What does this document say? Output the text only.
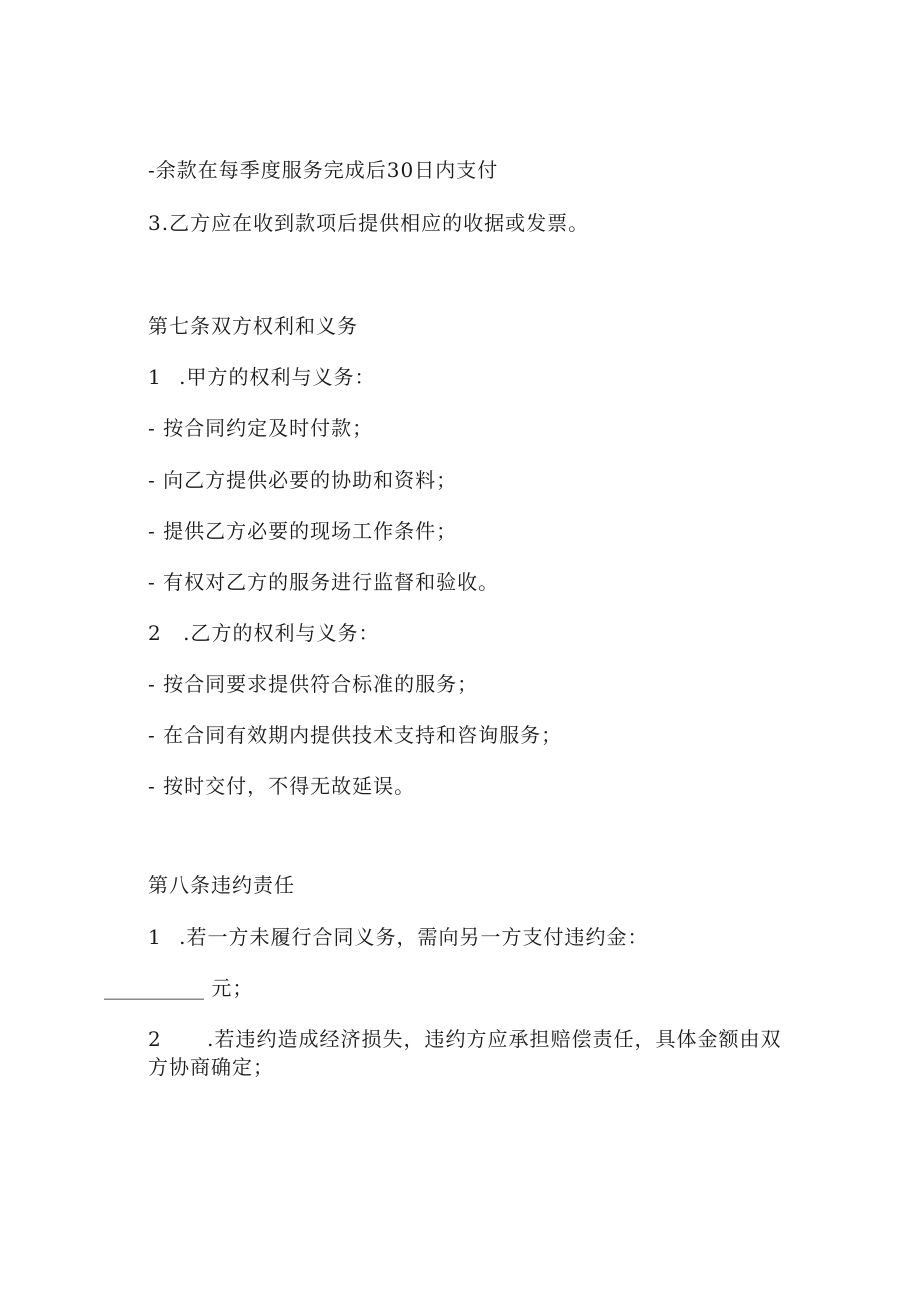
-余款在每季度服务完成后30日内支付
3.乙方应在收到款项后提供相应的收据或发票。
第七条双方权利和义务
1 .甲方的权利与义务：
- 按合同约定及时付款；
- 向乙方提供必要的协助和资料；
- 提供乙方必要的现场工作条件；
- 有权对乙方的服务进行监督和验收。
2 .乙方的权利与义务：
- 按合同要求提供符合标准的服务；
- 在合同有效期内提供技术支持和咨询服务；
- 按时交付，不得无故延误。
第八条违约责任
1 .若一方未履行合同义务，需向另一方支付违约金：
__________ 元；
2 .若违约造成经济损失，违约方应承担赔偿责任，具体金额由双
方协商确定；
